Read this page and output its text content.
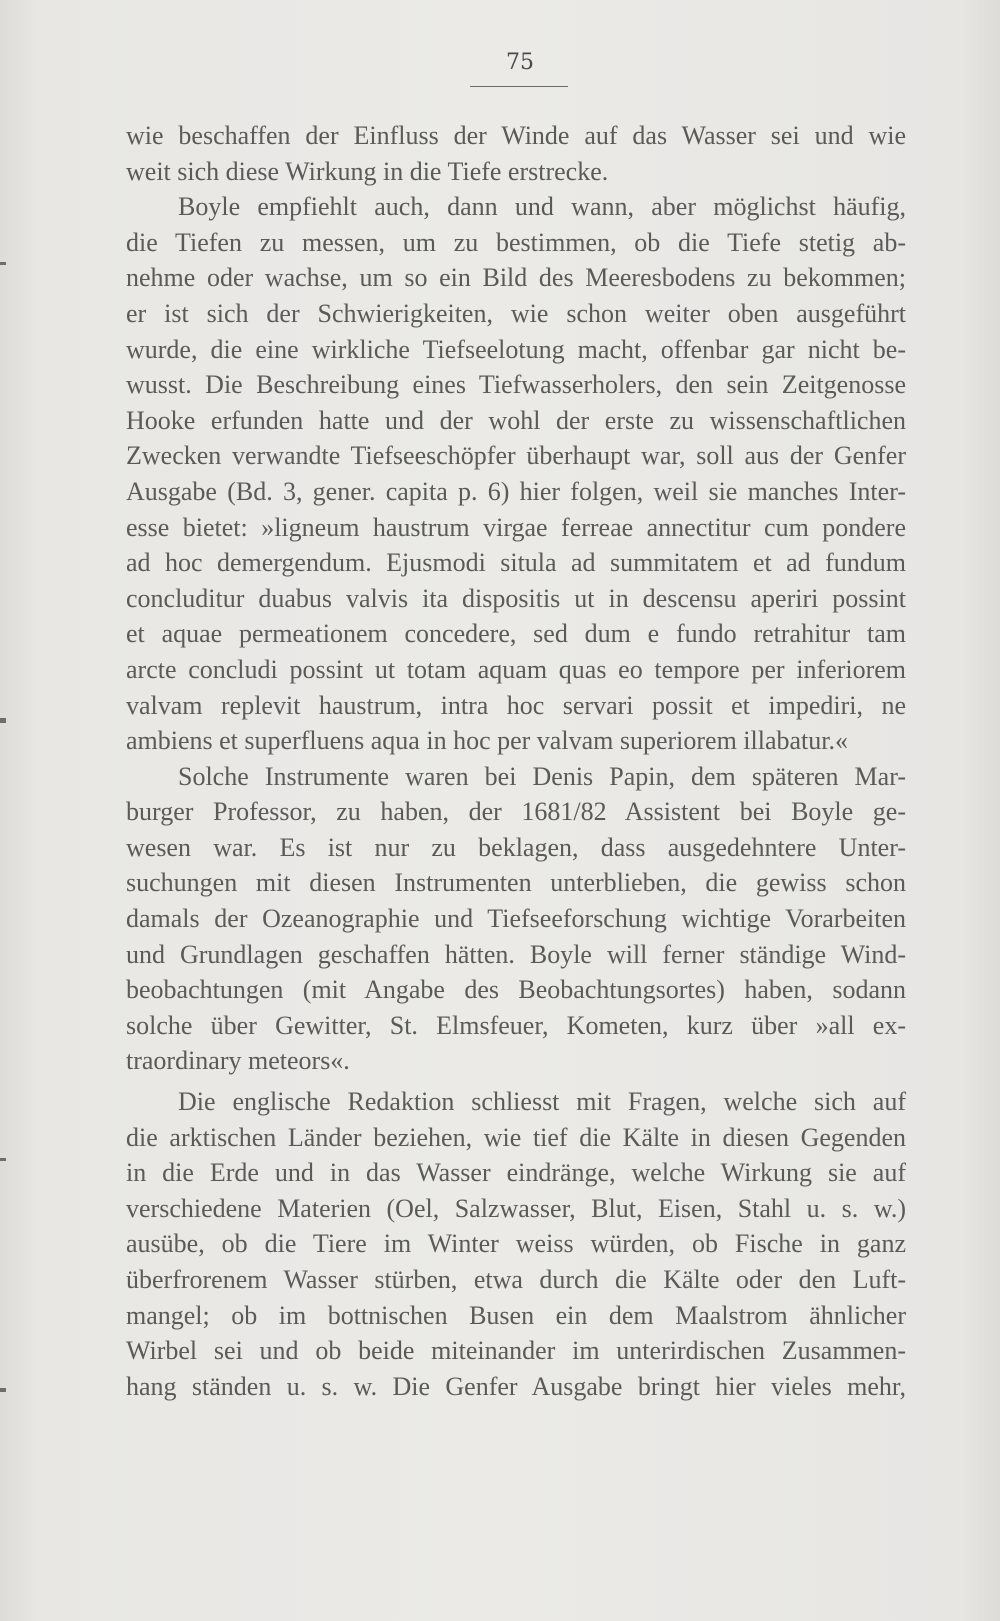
75
wie beschaffen der Einfluss der Winde auf das Wasser sei und wie
weit sich diese Wirkung in die Tiefe erstrecke.
Boyle empfiehlt auch, dann und wann, aber möglichst häufig,
die Tiefen zu messen, um zu bestimmen, ob die Tiefe stetig ab-
nehme oder wachse, um so ein Bild des Meeresbodens zu bekommen;
er ist sich der Schwierigkeiten, wie schon weiter oben ausgeführt
wurde, die eine wirkliche Tiefseelotung macht, offenbar gar nicht be-
wusst. Die Beschreibung eines Tiefwasserholers, den sein Zeitgenosse
Hooke erfunden hatte und der wohl der erste zu wissenschaftlichen
Zwecken verwandte Tiefseeschöpfer überhaupt war, soll aus der Genfer
Ausgabe (Bd. 3, gener. capita p. 6) hier folgen, weil sie manches Inter-
esse bietet: »ligneum haustrum virgae ferreae annectitur cum pondere
ad hoc demergendum. Ejusmodi situla ad summitatem et ad fundum
concluditur duabus valvis ita dispositis ut in descensu aperiri possint
et aquae permeationem concedere, sed dum e fundo retrahitur tam
arcte concludi possint ut totam aquam quas eo tempore per inferiorem
valvam replevit haustrum, intra hoc servari possit et impediri, ne
ambiens et superfluens aqua in hoc per valvam superiorem illabatur.«
Solche Instrumente waren bei Denis Papin, dem späteren Mar-
burger Professor, zu haben, der 1681/82 Assistent bei Boyle ge-
wesen war. Es ist nur zu beklagen, dass ausgedehntere Unter-
suchungen mit diesen Instrumenten unterblieben, die gewiss schon
damals der Ozeanographie und Tiefseeforschung wichtige Vorarbeiten
und Grundlagen geschaffen hätten. Boyle will ferner ständige Wind-
beobachtungen (mit Angabe des Beobachtungsortes) haben, sodann
solche über Gewitter, St. Elmsfeuer, Kometen, kurz über »all ex-
traordinary meteors«.
Die englische Redaktion schliesst mit Fragen, welche sich auf
die arktischen Länder beziehen, wie tief die Kälte in diesen Gegenden
in die Erde und in das Wasser eindränge, welche Wirkung sie auf
verschiedene Materien (Oel, Salzwasser, Blut, Eisen, Stahl u. s. w.)
ausübe, ob die Tiere im Winter weiss würden, ob Fische in ganz
überfrorenem Wasser stürben, etwa durch die Kälte oder den Luft-
mangel; ob im bottnischen Busen ein dem Maalstrom ähnlicher
Wirbel sei und ob beide miteinander im unterirdischen Zusammen-
hang ständen u. s. w. Die Genfer Ausgabe bringt hier vieles mehr,
